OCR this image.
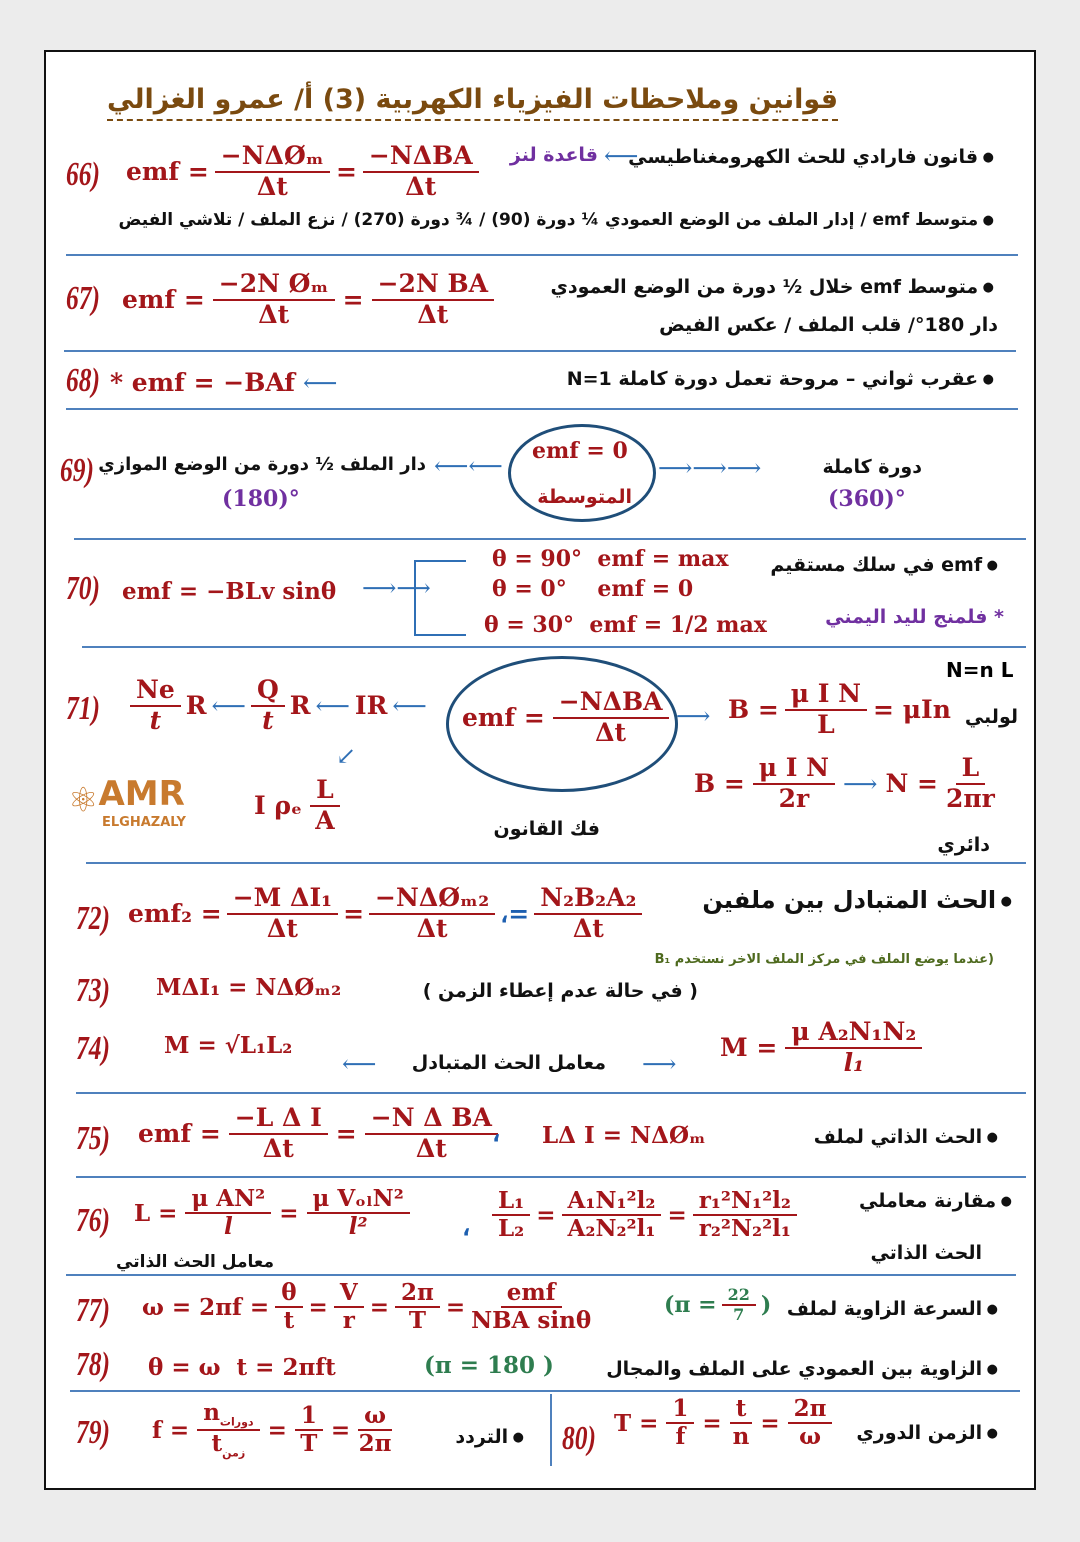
قوانين وملاحظات الفيزياء الكهربية (3) أ/ عمرو الغزالي
66) emf =
−NΔØₘ
Δt =
−NΔBA
Δt
قاعدة لنز ⟵
● قانون فارادي للحث الكهرومغناطيسي
● متوسط emf / إدار الملف من الوضع العمودي ¼ دورة (90) / ¾ دورة (270) / نزع الملف / تلاشي الفيض
67) emf = $\frac{\text{−2N Øₘ}}{\Delta t} = \frac{\text{−2N BA}}{\Delta t}$	● متوسط emf خلال ½ دورة من الوضع العمودي
دار 180°/ قلب الملف / عكس الفيض
68) * emf = −BAf ⟵	● عقرب ثواني – مروحة تعمل دورة كاملة N=1
69) دار الملف ½ دورة من الوضع الموازي
(180)°
⟵⟵
emf = 0
المتوسطة
⟶⟶⟶	دورة كاملة
(360)°
70) emf = −BLv sinθ ⟶⟶
θ = 90°  emf = max
θ = 0°    emf = 0
θ = 30°  emf = 1/2 max
● emf في سلك مستقيم
* فلمنج لليد اليمني
71)
Ne
t R ⟵
Q
t R ⟵ IR ⟵
↙
I ρₑ
L
A
⚛AMR
ELGHAZALY
emf =
−NΔBA
Δt
فك القانون
⟶ $B = \frac{\text{μ I N}}{L} = \mu In$ لولبي
N=n L
$B = \frac{\text{μ I N}}{2r}$ ⟶ $N = \frac{L}{2\pi r}$
دائري
72) $emf_2 = \frac{\text{−M ΔI₁}}{\Delta t}$ =
−NΔØₘ₂
Δt ،= $\frac{\text{N₂B₂A₂}}{\Delta t}$ ● الحث المتبادل بين ملفين
(عندما يوضع الملف في مركز الملف الاخر نستخدم B₁
73) MΔI₁ = NΔØₘ₂	( في حالة عدم إعطاء الزمن )
74) M = √L₁L₂
⟵ معامل الحث المتبادل ⟶
$M = \frac{\text{μ A₂N₁N₂}}{\text{l₁}}$
75) emf = $\frac{\text{−L Δ I}}{\Delta t} = \frac{\text{−N Δ BA}}{\Delta t}$
، LΔ I = NΔØₘ	● الحث الذاتي لملف
76) $L = \frac{\text{μ AN²}}{l}$ =
μ VₒₗN²
l²
معامل الحث الذاتي
، $\frac{\text{L₁}}{\text{L₂}} = \frac{\text{A₁N₁²l₂}}{\text{A₂N₂²l₁}} = \frac{\text{r₁²N₁²l₂}}{\text{r₂²N₂²l₁}}$	● مقارنة معاملي
الحث الذاتي
77) $\omega = 2\pi f = \frac{\theta}{t} = \frac{V}{r} = \frac{2\pi}{T}$ =
emf
NBA sinθ
($\pi = \frac{22}{7}$ ) ● السرعة الزاوية لملف
78) θ = ω  t = 2πft	(π = 180 )	● الزاوية بين العمودي على الملف والمجال
79) f =
$n_{دورات}$
$t_{زمن}$
= $\frac{1}{T} = \frac{\omega}{2\pi}$	● التردد	80) $T = \frac{1}{f} = \frac{t}{n} = \frac{2\pi}{\omega}$ ● الزمن الدوري
